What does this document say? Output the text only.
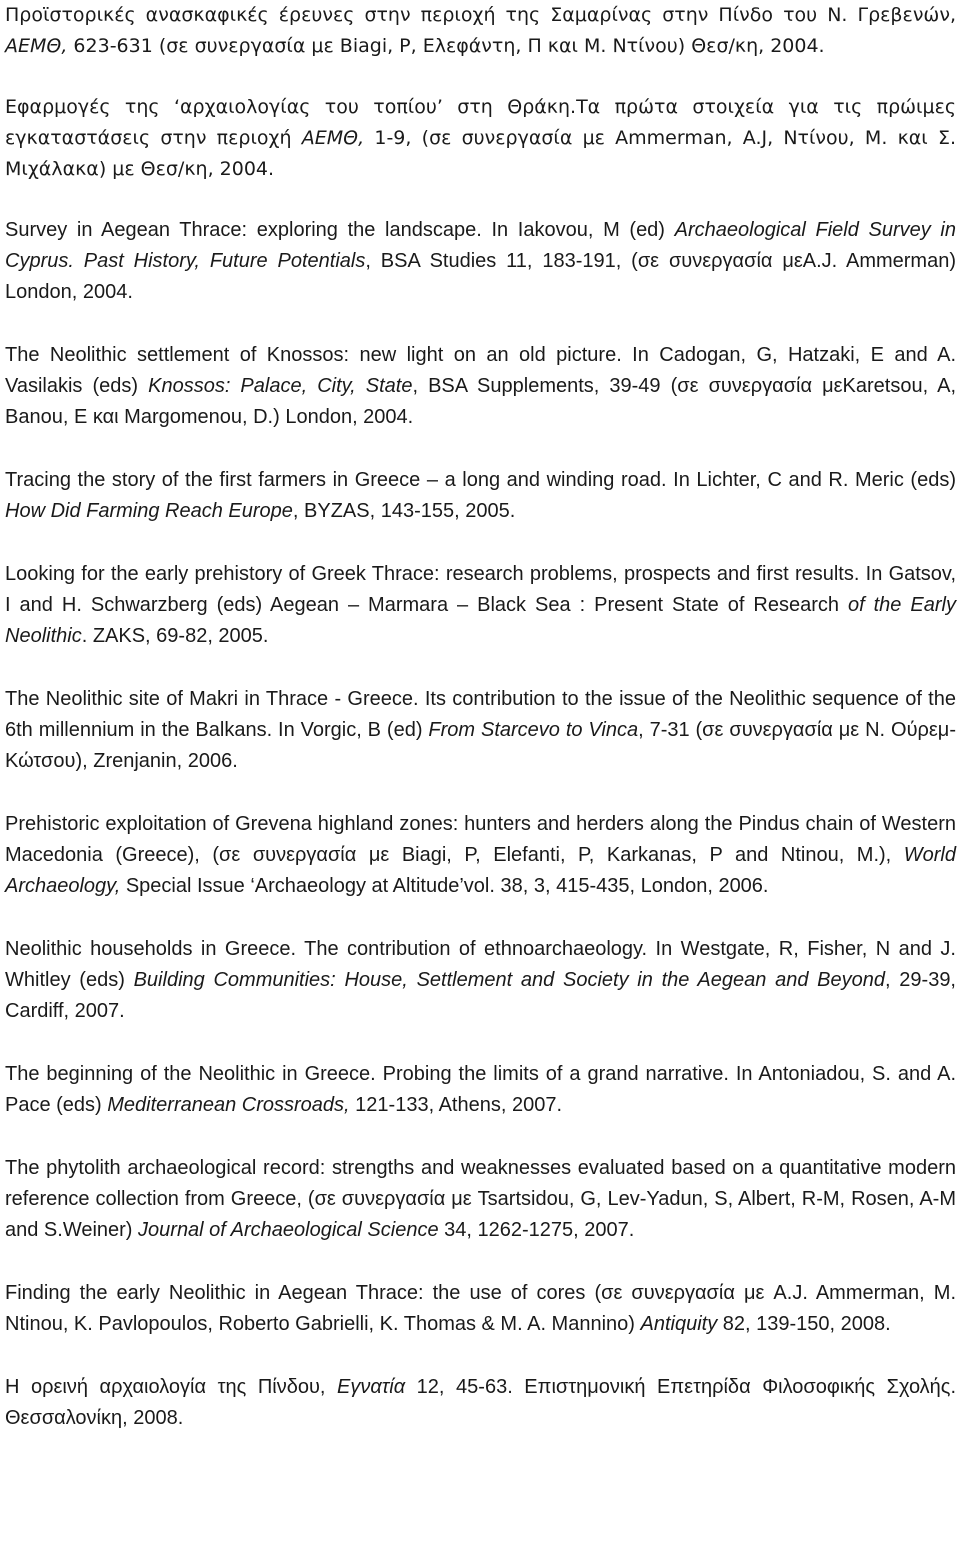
Προϊστορικές ανασκαφικές έρευνες στην περιοχή της Σαμαρίνας στην Πίνδο του Ν. Γρεβενών, ΑΕΜΘ, 623-631 (σε συνεργασία με Biagi, P, Ελεφάντη, Π και Μ. Ντίνου) Θεσ/κη, 2004.

Εφαρμογές της ‘αρχαιολογίας του τοπίου’ στη Θράκη.Τα πρώτα στοιχεία για τις πρώιμες εγκαταστάσεις στην περιοχή ΑΕΜΘ, 1-9, (σε συνεργασία με Ammerman, A.J, Ντίνου, Μ. και Σ. Μιχάλακα) με Θεσ/κη, 2004.

Survey in Aegean Thrace: exploring the landscape. In Iakovou, M (ed) Archaeological Field Survey in Cyprus. Past History, Future Potentials, BSA Studies 11, 183-191, (σε συνεργασία μεA.J. Ammerman) London, 2004.

The Neolithic settlement of Knossos: new light on an old picture. In Cadogan, G, Hatzaki, E and A. Vasilakis (eds) Knossos: Palace, City, State, BSA Supplements, 39-49 (σε συνεργασία μεKaretsou, A, Banou, E και Margomenou, D.) London, 2004.

Tracing the story of the first farmers in Greece – a long and winding road. In Lichter, C and R. Meric (eds) How Did Farming Reach Europe, BYZAS, 143-155, 2005.

Looking for the early prehistory of Greek Thrace: research problems, prospects and first results. In Gatsov, I and H. Schwarzberg (eds) Aegean – Marmara – Black Sea : Present State of Research of the Early Neolithic. ZAKS, 69-82, 2005.

The Neolithic site of Makri in Thrace - Greece. Its contribution to the issue of the Neolithic sequence of the 6th millennium in the Balkans. In Vorgic, B (ed) From Starcevo to Vinca, 7-31 (σε συνεργασία με Ν. Ούρεμ-Κώτσου), Zrenjanin, 2006.

Prehistoric exploitation of Grevena highland zones: hunters and herders along the Pindus chain of Western Macedonia (Greece), (σε συνεργασία με Biagi, P, Elefanti, P, Karkanas, P and Ntinou, M.), World Archaeology, Special Issue ‘Archaeology at Altitude’vol. 38, 3, 415-435, London, 2006.

Neolithic households in Greece. The contribution of ethnoarchaeology. In Westgate, R, Fisher, N and J. Whitley (eds) Building Communities: House, Settlement and Society in the Aegean and Beyond, 29-39, Cardiff, 2007.

The beginning of the Neolithic in Greece. Probing the limits of a grand narrative. In Antoniadou, S. and A. Pace (eds) Mediterranean Crossroads, 121-133, Athens, 2007.

The phytolith archaeological record: strengths and weaknesses evaluated based on a quantitative modern reference collection from Greece, (σε συνεργασία με Tsartsidou, G, Lev-Yadun, S, Albert, R-M, Rosen, A-M and S.Weiner) Journal of Archaeological Science 34, 1262-1275, 2007.

Finding the early Neolithic in Aegean Thrace: the use of cores (σε συνεργασία με A.J. Ammerman, M. Ntinou, K. Pavlopoulos, Roberto Gabrielli, K. Thomas & M. A. Mannino) Antiquity 82, 139-150, 2008.

Η ορεινή αρχαιολογία της Πίνδου, Εγνατία 12, 45-63. Επιστημονική Επετηρίδα Φιλοσοφικής Σχολής. Θεσσαλονίκη, 2008.
